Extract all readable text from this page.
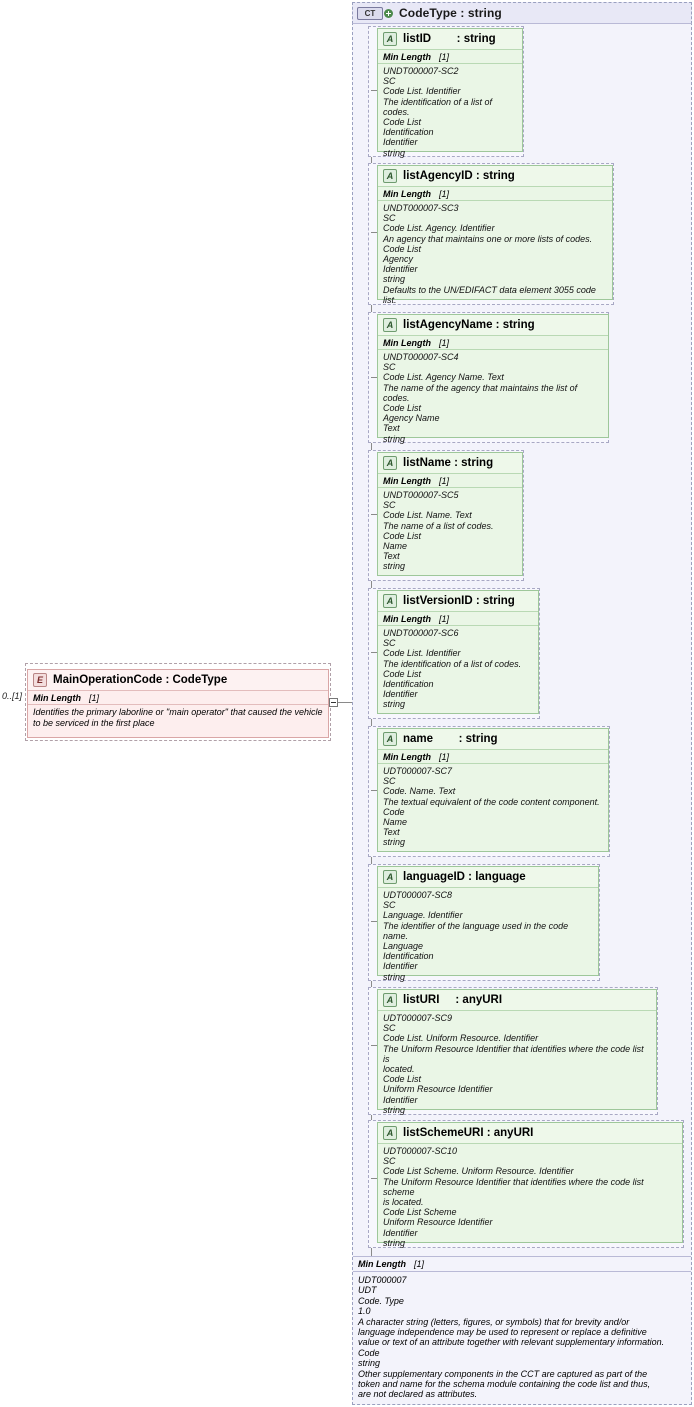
CT	CodeType : string
E MainOperationCode : CodeType
Min Length [1]
Identifies the primary laborline or "main operator" that caused the vehicle
to be serviced in the first place
0..[1]
A listID        : string
Min Length [1]
UNDT000007-SC2
SC
Code List. Identifier
The identification of a list of codes.
Code List
Identification
Identifier
string
A listAgencyID : string
Min Length [1]
UNDT000007-SC3
SC
Code List. Agency. Identifier
An agency that maintains one or more lists of codes.
Code List
Agency
Identifier
string
Defaults to the UN/EDIFACT data element 3055 code list.
A listAgencyName : string
Min Length [1]
UNDT000007-SC4
SC
Code List. Agency Name. Text
The name of the agency that maintains the list of codes.
Code List
Agency Name
Text
string
A listName : string
Min Length [1]
UNDT000007-SC5
SC
Code List. Name. Text
The name of a list of codes.
Code List
Name
Text
string
A listVersionID : string
Min Length [1]
UNDT000007-SC6
SC
Code List. Identifier
The identification of a list of codes.
Code List
Identification
Identifier
string
A name        : string
Min Length [1]
UDT000007-SC7
SC
Code. Name. Text
The textual equivalent of the code content component.
Code
Name
Text
string
A languageID : language
UDT000007-SC8
SC
Language. Identifier
The identifier of the language used in the code name.
Language
Identification
Identifier
string
A listURI     : anyURI
UDT000007-SC9
SC
Code List. Uniform Resource. Identifier
The Uniform Resource Identifier that identifies where the code list is
located.
Code List
Uniform Resource Identifier
Identifier
string
A listSchemeURI : anyURI
UDT000007-SC10
SC
Code List Scheme. Uniform Resource. Identifier
The Uniform Resource Identifier that identifies where the code list scheme
is located.
Code List Scheme
Uniform Resource Identifier
Identifier
string
Min Length [1]
UDT000007
UDT
Code. Type
1.0
A character string (letters, figures, or symbols) that for brevity and/or
language independence may be used to represent or replace a definitive
value or text of an attribute together with relevant supplementary information.
Code
string
Other supplementary components in the CCT are captured as part of the
token and name for the schema module containing the code list and thus,
are not declared as attributes.
